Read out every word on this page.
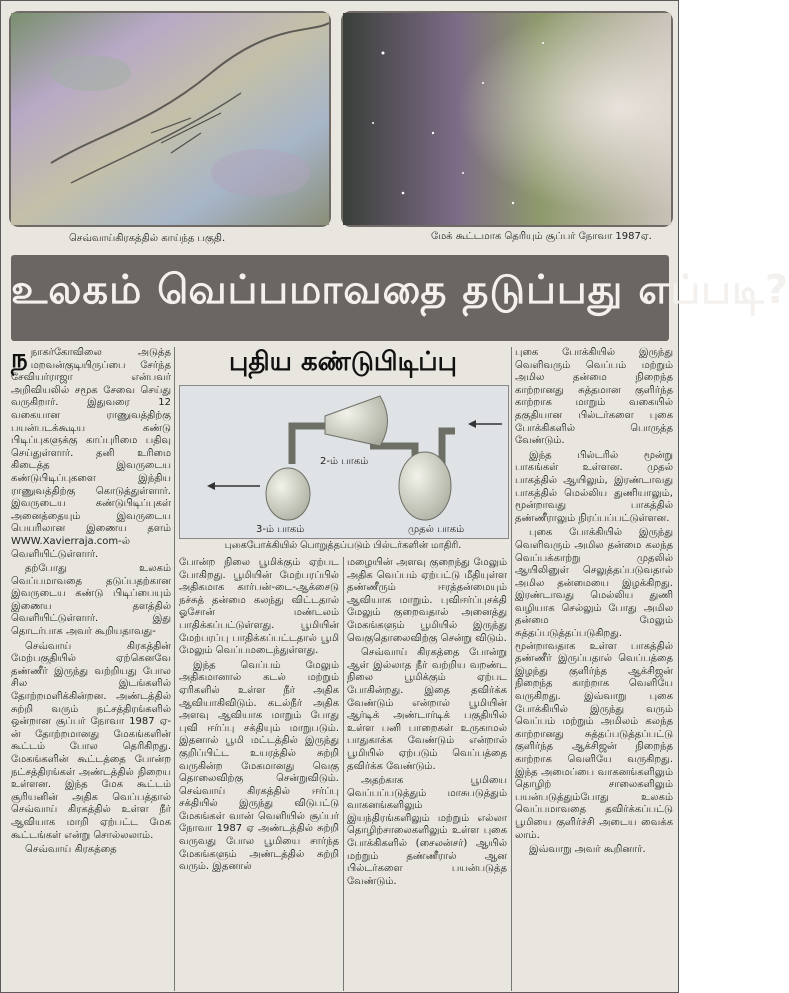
செவ்வாய்கிரகத்தில் காய்ந்த பகுதி.	மேக் கூட்டமாக தெரியும் சூப்பர் நோவா 1987ஏ.
உலகம் வெப்பமாவதை தடுப்பது எப்படி?

நநாகர்கோவிலை அடுத்த மறவன்குடியிருப்பை சேர்ந்த சேவியர்ராஜா என்பவர் அறிவியலில் சமூக சேவை செய்து வருகிறார். இதுவரை 12 வகையான ராணுவத்திற்கு பயன்படக்கூடிய கண்டு பிடிப்புகளுக்கு காப்புரிமை பதிவு செய்துள்ளார். தனி உரிமை கிடைத்த இவருடைய கண்டுபிடிப்புகளை இந்திய ராணுவத்திற்கு கொடுத்துள்ளார். இவருடைய கண்டுபிடிப்புகள் அனைத்தையும் இவருடைய பெயரிலான இணைய தளம் WWW.Xavierraja.com-ல் வெளியிட்டுள்ளார்.

தற்போது உலகம் வெப்பமாவதை தடுப்பதற்கான இவருடைய கண்டு பிடிப்பையும் இணைய தளத்தில் வெளியிட்டுள்ளார். இது தொடர்பாக அவர் கூறியதாவது-

செவ்வாய் கிரகத்தின் மேற்பகுதியில் ஏற்கெனவே தண்ணீர் இருந்து வற்றியது போல சில இடங்களில் தோற்றமளிக்கின்றன. அண்டத்தில் சுற்றி வரும் நட்சத்திரங்களில் ஒன்றான சூப்பர் நோவா 1987 ஏ-ன் தோற்றமானது மேகங்களின் கூட்டம் போல தெரிகிறது. மேகங்களின் கூட்டத்தை போன்ற நட்சத்திரங்கள் அண்டத்தில் நிறைய உள்ளன. இந்த மேக கூட்டம் சூரியனின் அதிக வெப்பத்தால் செவ்வாய் கிரகத்தில் உள்ள நீர் ஆவியாக மாறி ஏற்பட்ட மேக கூட்டங்கள் என்று சொல்லலாம்.

செவ்வாய் கிரகத்தை

புதிய கண்டுபிடிப்பு
2-ம் பாகம்
3-ம் பாகம்	முதல் பாகம்
புகைபோக்கியில் பொறுத்தப்படும் பில்டர்களின் மாதிரி.

போன்ற நிலை பூமிக்கும் ஏற்பட போகிறது. பூமியின் மேற்பரப்பில் அதிகமாக கார்பன்-டை-ஆக்சைடு நச்சுத் தன்மை கலந்து விட்டதால் ஓசோன் மண்டலம் பாதிக்கப்பட்டுள்ளது. பூமியின் மேற்பரப்பு பாதிக்கப்பட்டதால் பூமி மேலும் வெப்பமடைந்துள்ளது.

இந்த வெப்பம் மேலும் அதிகமானால் கடல் மற்றும் ஏரிகளில் உள்ள நீர் அதிக ஆவியாகிவிடும். கடல்நீர் அதிக அளவு ஆவியாக மாறும் போது புவி ஈர்ப்பு சக்தியும் மாறுபடும். இதனால் பூமி மட்டத்தில் இருந்து குறிப்பிட்ட உயரத்தில் சுற்றி வருகின்ற மேகமானது வெகு தொலைவிற்கு சென்றுவிடும். செவ்வாய் கிரகத்தில் ஈர்ப்பு சக்தியில் இருந்து விடுபட்டு மேகங்கள் வான் வெளியில் சூப்பர் நோவா 1987 ஏ அண்டத்தில் சுற்றி வருவது போல பூமியை சார்ந்த மேகங்களும் அண்டத்தில் சுற்றி வரும். இதனால்

மழையின் அளவு குறைந்து மேலும் அதிக வெப்பம் ஏற்பட்டு மீதியுள்ள தண்ணீரும் ஈரத்தன்மையும் ஆவியாக மாறும். புவிஈர்ப்புசக்தி மேலும் குறைவதால் அனைத்து மேகங்களும் பூமியில் இருந்து வெகுதொலைவிற்கு சென்று விடும்.

செவ்வாய் கிரகத்தை போன்று ஆள் இல்லாத நீர் வற்றிய வறண்ட நிலை பூமிக்கும் ஏற்பட போகின்றது. இதை தவிர்க்க வேண்டும் என்றால் பூமியின் ஆர்டிக் அண்டார்டிக் பகுதியில் உள்ள பனி பாறைகள் உருகாமல் பாதுகாக்க வேண்டும் என்றால் பூமியில் ஏற்படும் வெப்பத்தை தவிர்க்க வேண்டும்.

அதற்காக பூமியை வெப்பப்படுத்தும் மாசுபடுத்தும் வாகனங்களிலும் இயந்திரங்களிலும் மற்றும் எல்லா தொழிற்சாலைகளிலும் உள்ள புகை போக்கிகளில் (சைலன்சர்) ஆயில் மற்றும் தண்ணீரால் ஆன பில்டர்களை பயன்படுத்த வேண்டும்.

புகை போக்கியில் இருந்து வெளிவரும் வெப்பம் மற்றும் அமில தன்மை நிறைந்த காற்றானது சுத்தமான குளிர்ந்த காற்றாக மாறும் வகையில் தகுதியான பில்டர்களை புகை போக்கிகளில் பொருத்த வேண்டும்.

இந்த பில்டரில் மூன்று பாகங்கள் உள்ளன. முதல் பாகத்தில் ஆயிலும், இரண்டாவது பாகத்தில் மெல்லிய துணியாலும், மூன்றாவது பாகத்தில் தண்ணீராலும் நிரப்பப்பட்டுள்ளன.

புகை போக்கியில் இருந்து வெளிவரும் அமில தன்மை கலந்த வெப்பக்காற்று முதலில் ஆயிலினுள் செலுத்தப்படுவதால் அமில தன்மையை இழக்கிறது. இரண்டாவது மெல்லிய துணி வழியாக செல்லும் போது அமில தன்மை மேலும் சுத்தப்படுத்தப்படுகிறது. மூன்றாவதாக உள்ள பாகத்தில் தண்ணீர் இருப்பதால் வெப்பத்தை இழந்து குளிர்ந்த ஆக்சிஜன் நிறைந்த காற்றாக வெளியே வருகிறது. இவ்வாறு புகை போக்கியில் இருந்து வரும் வெப்பம் மற்றும் அமிலம் கலந்த காற்றானது சுத்தப்படுத்தப்பட்டு குளிர்ந்த ஆக்சிஜன் நிறைந்த காற்றாக வெளியே வருகிறது. இந்த அமைப்பை வாகனங்களிலும் தொழிற் சாலைகளிலும் பயன்படுத்தும்போது உலகம் வெப்பமாவதை தவிர்க்கப்பட்டு பூமியை குளிர்ச்சி அடைய வைக்க லாம்.

இவ்வாறு அவர் கூறினார்.
